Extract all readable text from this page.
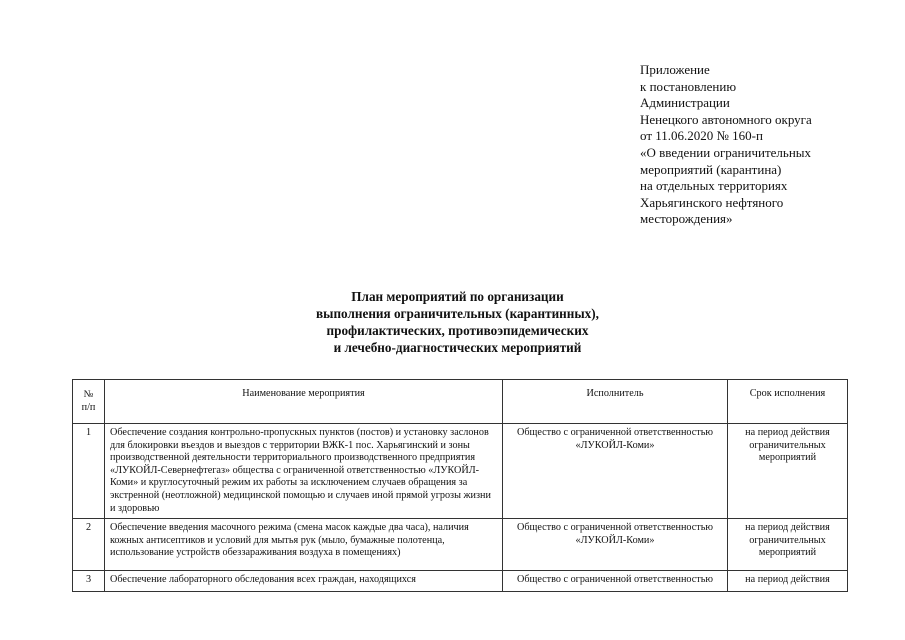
Приложение
к постановлению
Администрации
Ненецкого автономного округа
от 11.06.2020 № 160-п
«О введении ограничительных
мероприятий (карантина)
на отдельных территориях
Харьягинского нефтяного
месторождения»
План мероприятий по организации
выполнения ограничительных (карантинных),
профилактических, противоэпидемических
и лечебно-диагностических мероприятий
№
п/п	Наименование мероприятия	Исполнитель	Срок исполнения
1	Обеспечение создания контрольно-пропускных пунктов (постов) и установку заслонов для блокировки въездов и выездов с территории ВЖК-1 пос. Харьягинский и зоны производственной деятельности территориального производственного предприятия «ЛУКОЙЛ-Севернефтегаз» общества с ограниченной ответственностью «ЛУКОЙЛ-Коми» и круглосуточный режим их работы за исключением случаев обращения за экстренной (неотложной) медицинской помощью и случаев иной прямой угрозы жизни и здоровью	Общество с ограниченной ответственностью «ЛУКОЙЛ-Коми»	на период действия ограничительных мероприятий
2	Обеспечение введения масочного режима (смена масок каждые два часа), наличия кожных антисептиков и условий для мытья рук (мыло, бумажные полотенца, использование устройств обеззараживания воздуха в помещениях)	Общество с ограниченной ответственностью «ЛУКОЙЛ-Коми»	на период действия ограничительных мероприятий
3	Обеспечение лабораторного обследования всех граждан, находящихся	Общество с ограниченной ответственностью	на период действия
